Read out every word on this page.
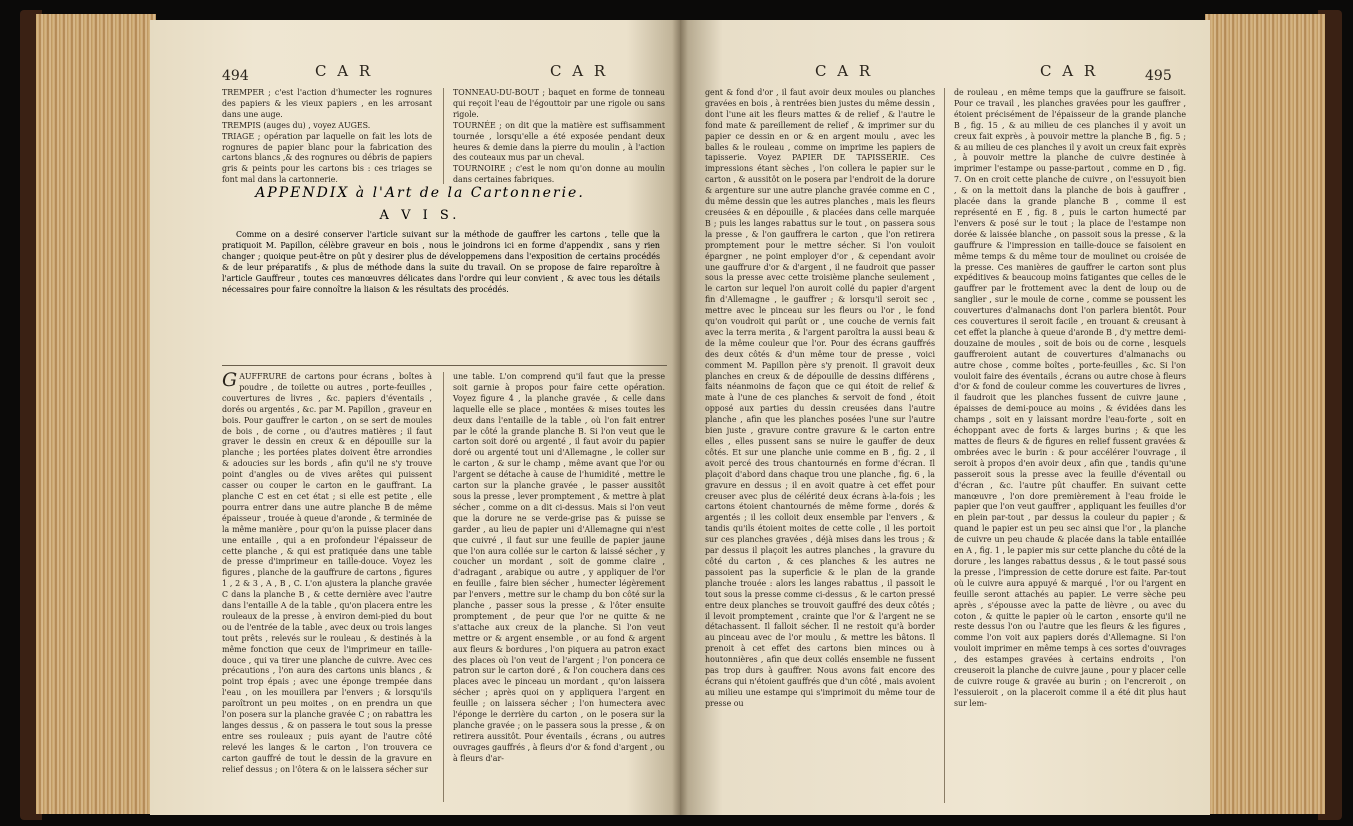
494	C A R	C A R

TREMPER ; c'est l'action d'humecter les rognures des papiers & les vieux papiers , en les arrosant dans une auge.

TREMPIS (auges du) , voyez AUGES.

TRIAGE ; opération par laquelle on fait les lots de rognures de papier blanc pour la fabrication des cartons blancs ,& des rognures ou débris de papiers gris & peints pour les cartons bis : ces triages se font mal dans la cartonnerie.

TONNEAU-DU-BOUT ; baquet en forme de tonneau qui reçoit l'eau de l'égouttoir par une rigole ou sans rigole.

TOURNÉE ; on dit que la matière est suffisamment tournée , lorsqu'elle a été exposée pendant deux heures & demie dans la pierre du moulin , à l'action des couteaux mus par un cheval.

TOURNOIRE ; c'est le nom qu'on donne au moulin dans certaines fabriques.

GAUFFRURE de cartons pour écrans , boîtes à poudre , de toilette ou autres , porte-feuilles , couvertures de livres , &c. papiers d'éventails , dorés ou argentés , &c. par M. Papillon , graveur en bois. Pour gauffrer le carton , on se sert de moules de bois , de corne , ou d'autres matières ; il faut graver le dessin en creux & en dépouille sur la planche ; les portées plates doivent être arrondies & adoucies sur les bords , afin qu'il ne s'y trouve point d'angles ou de vives arêtes qui puissent casser ou couper le carton en le gauffrant. La planche C est en cet état ; si elle est petite , elle pourra entrer dans une autre planche B de même épaisseur , trouée à queue d'aronde , & terminée de la même manière , pour qu'on la puisse placer dans une entaille , qui a en profondeur l'épaisseur de cette planche , & qui est pratiquée dans une table de presse d'imprimeur en taille-douce. Voyez les figures , planche de la gauffrure de cartons , figures 1 , 2 & 3 , A , B , C. L'on ajustera la planche gravée C dans la planche B , & cette dernière avec l'autre dans l'entaille A de la table , qu'on placera entre les rouleaux de la presse , à environ demi-pied du bout ou de l'entrée de la table , avec deux ou trois langes tout prêts , relevés sur le rouleau , & destinés à la même fonction que ceux de l'imprimeur en taille-douce , qui va tirer une planche de cuivre. Avec ces précautions , l'on aura des cartons unis blancs , & point trop épais ; avec une éponge trempée dans l'eau , on les mouillera par l'envers ; & lorsqu'ils paroîtront un peu moites , on en prendra un que l'on posera sur la planche gravée C ; on rabattra les langes dessus , & on passera le tout sous la presse entre ses rouleaux ; puis ayant de l'autre côté relevé les langes & le carton , l'on trouvera ce carton gauffré de tout le dessin de la gravure en relief dessus ; on l'ôtera & on le laissera sécher sur

une table. L'on comprend qu'il faut que la presse soit garnie à propos pour faire cette opération. Voyez figure 4 , la planche gravée , & celle dans laquelle elle se place , montées & mises toutes les deux dans l'entaille de la table , où l'on fait entrer par le côté la grande planche B. Si l'on veut que le carton soit doré ou argenté , il faut avoir du papier doré ou argenté tout uni d'Allemagne , le coller sur le carton , & sur le champ , même avant que l'or ou l'argent se détache à cause de l'humidité , mettre le carton sur la planche gravée , le passer aussitôt sous la presse , lever promptement , & mettre à plat sécher , comme on a dit ci-dessus. Mais si l'on veut que la dorure ne se verde-grise pas & puisse se garder , au lieu de papier uni d'Allemagne qui n'est que cuivré , il faut sur une feuille de papier jaune que l'on aura collée sur le carton & laissé sécher , y coucher un mordant , soit de gomme claire , d'adragant , arabique ou autre , y appliquer de l'or en feuille , faire bien sécher , humecter légèrement par l'envers , mettre sur le champ du bon côté sur la planche , passer sous la presse , & l'ôter ensuite promptement , de peur que l'or ne quitte & ne s'attache aux creux de la planche. Si l'on veut mettre or & argent ensemble , or au fond & argent aux fleurs & bordures , l'on piquera au patron exact des places où l'on veut de l'argent ; l'on poncera ce patron sur le carton doré , & l'on couchera dans ces places avec le pinceau un mordant , qu'on laissera sécher ; après quoi on y appliquera l'argent en feuille ; on laissera sécher ; l'on humectera avec l'éponge le derrière du carton , on le posera sur la planche gravée ; on le passera sous la presse , & on retirera aussitôt. Pour éventails , écrans , ou autres ouvrages gauffrés , à fleurs d'or & fond d'argent , ou à fleurs d'ar-

APPENDIX à l'Art de la Cartonnerie.
A V I S.

Comme on a desiré conserver l'article suivant sur la méthode de gauffrer les cartons , telle que la pratiquoit M. Papillon, célèbre graveur en bois , nous le joindrons ici en forme d'appendix , sans y rien changer ; quoique peut-être on pût y desirer plus de développemens dans l'exposition de certains procédés & de leur préparatifs , & plus de méthode dans la suite du travail. On se propose de faire reparoître à l'article Gauffreur , toutes ces manœuvres délicates dans l'ordre qui leur convient , & avec tous les détails nécessaires pour faire connoître la liaison & les résultats des procédés.

C A R	C A R	495

gent & fond d'or , il faut avoir deux moules ou planches gravées en bois , à rentrées bien justes du même dessin , dont l'une ait les fleurs mattes & de relief , & l'autre le fond mate & pareillement de relief , & imprimer sur du papier ce dessin en or & en argent moulu , avec les balles & le rouleau , comme on imprime les papiers de tapisserie. Voyez PAPIER DE TAPISSERIE. Ces impressions étant sèches , l'on collera le papier sur le carton , & aussitôt on le posera par l'endroit de la dorure & argenture sur une autre planche gravée comme en C , du même dessin que les autres planches , mais les fleurs creusées & en dépouille , & placées dans celle marquée B ; puis les langes rabattus sur le tout , on passera sous la presse , & l'on gauffrera le carton , que l'on retirera promptement pour le mettre sécher. Si l'on vouloit épargner , ne point employer d'or , & cependant avoir une gauffrure d'or & d'argent , il ne faudroit que passer sous la presse avec cette troisième planche seulement , le carton sur lequel l'on auroit collé du papier d'argent fin d'Allemagne , le gauffrer ; & lorsqu'il seroit sec , mettre avec le pinceau sur les fleurs ou l'or , le fond qu'on voudroit qui parût or , une couche de vernis fait avec la terra merita , & l'argent paroîtra la aussi beau & de la même couleur que l'or. Pour des écrans gauffrés des deux côtés & d'un même tour de presse , voici comment M. Papillon père s'y prenoit. Il gravoit deux planches en creux & de dépouille de dessins différens , faits néanmoins de façon que ce qui étoit de relief & mate à l'une de ces planches & servoit de fond , étoit opposé aux parties du dessin creusées dans l'autre planche , afin que les planches posées l'une sur l'autre bien juste , gravure contre gravure & le carton entre elles , elles pussent sans se nuire le gauffer de deux côtés. Et sur une planche unie comme en B , fig. 2 , il avoit percé des trous chantournés en forme d'écran. Il plaçoit d'abord dans chaque trou une planche , fig. 6 , la gravure en dessus ; il en avoit quatre à cet effet pour creuser avec plus de célérité deux écrans à-la-fois ; les cartons étoient chantournés de même forme , dorés & argentés ; il les colloit deux ensemble par l'envers , & tandis qu'ils étoient moites de cette colle , il les portoit sur ces planches gravées , déjà mises dans les trous ; & par dessus il plaçoit les autres planches , la gravure du côté du carton , & ces planches & les autres ne passoient pas la superficie & le plan de la grande planche trouée : alors les langes rabattus , il passoit le tout sous la presse comme ci-dessus , & le carton pressé entre deux planches se trouvoit gauffré des deux côtés ; il levoit promptement , crainte que l'or & l'argent ne se détachassent. Il falloit sécher. Il ne restoit qu'à border au pinceau avec de l'or moulu , & mettre les bâtons. Il prenoit à cet effet des cartons bien minces ou à houtonnières , afin que deux collés ensemble ne fussent pas trop durs à gauffrer. Nous avons fait encore des écrans qui n'étoient gauffrés que d'un côté , mais avoient au milieu une estampe qui s'imprimoit du même tour de presse ou

de rouleau , en même temps que la gauffrure se faisoit. Pour ce travail , les planches gravées pour les gauffrer , étoient précisément de l'épaisseur de la grande planche B , fig. 15 , & au milieu de ces planches il y avoit un creux fait exprès , à pouvoir mettre la planche B , fig. 5 ; & au milieu de ces planches il y avoit un creux fait exprès , à pouvoir mettre la planche de cuivre destinée à imprimer l'estampe ou passe-partout , comme en D , fig. 7. On en croit cette planche de cuivre , on l'essuyoit bien , & on la mettoit dans la planche de bois à gauffrer , placée dans la grande planche B , comme il est représenté en E , fig. 8 , puis le carton humecté par l'envers & posé sur le tout ; la place de l'estampe non dorée & laissée blanche , on passoit sous la presse , & la gauffrure & l'impression en taille-douce se faisoient en même temps & du même tour de moulinet ou croisée de la presse. Ces manières de gauffrer le carton sont plus expéditives & beaucoup moins fatigantes que celles de le gauffrer par le frottement avec la dent de loup ou de sanglier , sur le moule de corne , comme se poussent les couvertures d'almanachs dont l'on parlera bientôt. Pour ces couvertures il seroit facile , en trouant & creusant à cet effet la planche à queue d'aronde B , d'y mettre demi-douzaine de moules , soit de bois ou de corne , lesquels gauffreroient autant de couvertures d'almanachs ou autre chose , comme boîtes , porte-feuilles , &c. Si l'on vouloit faire des éventails , écrans ou autre chose à fleurs d'or & fond de couleur comme les couvertures de livres , il faudroit que les planches fussent de cuivre jaune , épaisses de demi-pouce au moins , & évidées dans les champs , soit en y laissant mordre l'eau-forte , soit en échoppant avec de forts & larges burins ; & que les mattes de fleurs & de figures en relief fussent gravées & ombrées avec le burin : & pour accélérer l'ouvrage , il seroit à propos d'en avoir deux , afin que , tandis qu'une passeroit sous la presse avec la feuille d'éventail ou d'écran , &c. l'autre pût chauffer. En suivant cette manœuvre , l'on dore premièrement à l'eau froide le papier que l'on veut gauffrer , appliquant les feuilles d'or en plein par-tout , par dessus la couleur du papier ; & quand le papier est un peu sec ainsi que l'or , la planche de cuivre un peu chaude & placée dans la table entaillée en A , fig. 1 , le papier mis sur cette planche du côté de la dorure , les langes rabattus dessus , & le tout passé sous la presse , l'impression de cette dorure est faite. Par-tout où le cuivre aura appuyé & marqué , l'or ou l'argent en feuille seront attachés au papier. Le verre sèche peu après , s'épousse avec la patte de lièvre , ou avec du coton , & quitte le papier où le carton , ensorte qu'il ne reste dessus l'on ou l'autre que les fleurs & les figures , comme l'on voit aux papiers dorés d'Allemagne. Si l'on vouloit imprimer en même temps à ces sortes d'ouvrages , des estampes gravées à certains endroits , l'on creuseroit la planche de cuivre jaune , pour y placer celle de cuivre rouge & gravée au burin ; on l'encreroit , on l'essuieroit , on la placeroit comme il a été dit plus haut sur lem-
